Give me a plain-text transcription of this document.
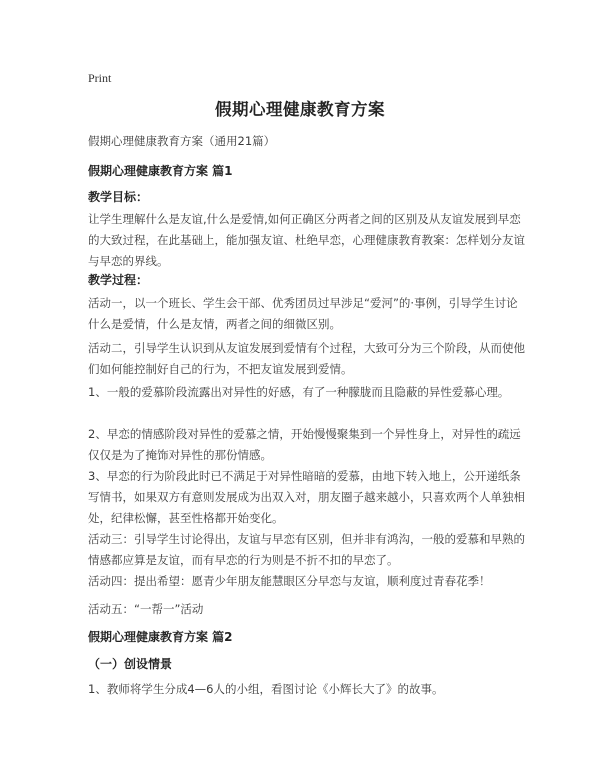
Print
假期心理健康教育方案
假期心理健康教育方案（通用21篇）
假期心理健康教育方案 篇1
教学目标：
让学生理解什么是友谊,什么是爱情,如何正确区分两者之间的区别及从友谊发展到早恋的大致过程，在此基础上，能加强友谊、杜绝早恋，心理健康教育教案：怎样划分友谊与早恋的界线。
教学过程：
活动一，以一个班长、学生会干部、优秀团员过早涉足“爱河”的·事例，引导学生讨论什么是爱情，什么是友情，两者之间的细微区别。
活动二，引导学生认识到从友谊发展到爱情有个过程，大致可分为三个阶段，从而使他们如何能控制好自己的行为，不把友谊发展到爱情。
1、一般的爱慕阶段流露出对异性的好感，有了一种朦胧而且隐蔽的异性爱慕心理。
2、早恋的情感阶段对异性的爱慕之情，开始慢慢聚集到一个异性身上，对异性的疏远仅仅是为了掩饰对异性的那份情感。
3、早恋的行为阶段此时已不满足于对异性暗暗的爱慕，由地下转入地上，公开递纸条写情书，如果双方有意则发展成为出双入对，朋友圈子越来越小，只喜欢两个人单独相处，纪律松懈，甚至性格都开始变化。
活动三：引导学生讨论得出，友谊与早恋有区别，但并非有鸿沟，一般的爱慕和早熟的情感都应算是友谊，而有早恋的行为则是不折不扣的早恋了。
活动四：提出希望：愿青少年朋友能慧眼区分早恋与友谊，顺利度过青春花季！
活动五：“一帮一”活动
假期心理健康教育方案 篇2
（一）创设情景
1、教师将学生分成4—6人的小组，看图讨论《小辉长大了》的故事。
